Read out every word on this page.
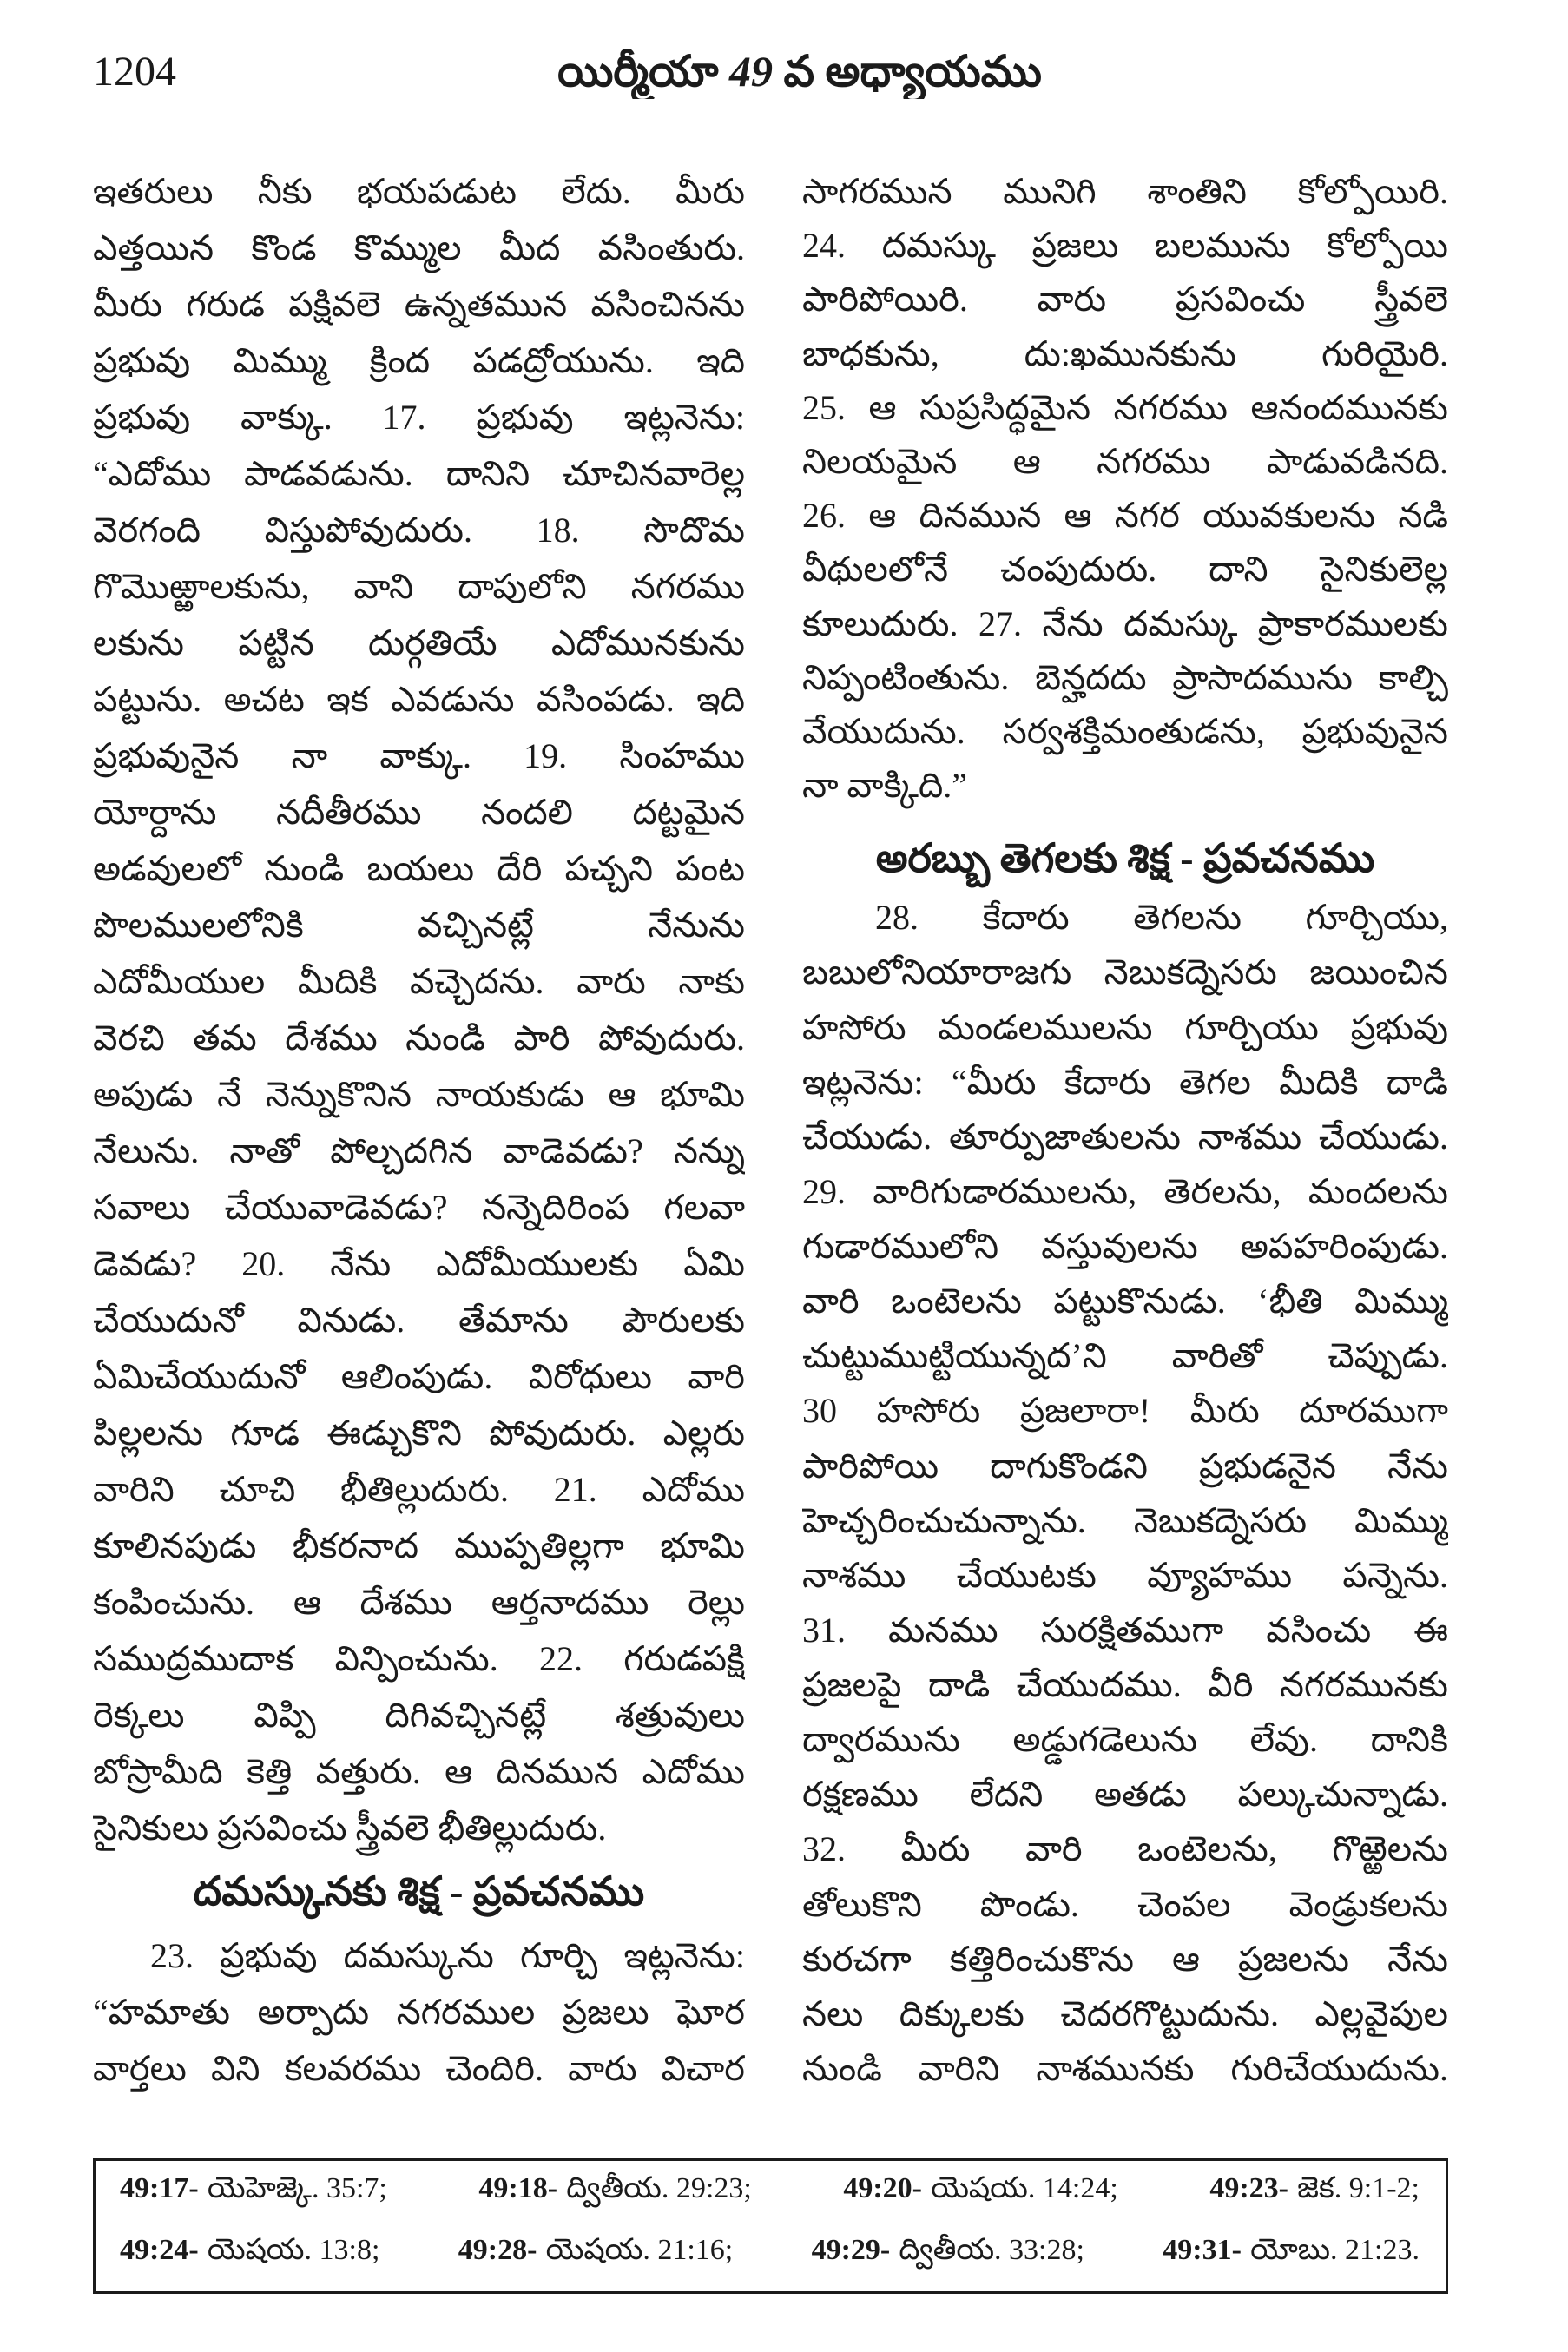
1204	యిర్మీయా 49 వ అధ్యాయము
ఇతరులు నీకు భయపడుట లేదు. మీరు
ఎత్తయిన కొండ కొమ్ముల మీద వసింతురు.
మీరు గరుడ పక్షివలె ఉన్నతమున వసించినను
ప్రభువు మిమ్ము క్రింద పడద్రోయును. ఇది
ప్రభువు వాక్కు. 17. ప్రభువు ఇట్లనెను:
“ఎదోము పాడవడును. దానిని చూచినవారెల్ల
వెరగంది విస్తుపోవుదురు. 18. సొదొమ
గొమొఱ్ఱాలకును, వాని దాపులోని నగరము
లకును పట్టిన దుర్గతియే ఎదోమునకును
పట్టును. అచట ఇక ఎవడును వసింపడు. ఇది
ప్రభువునైన నా వాక్కు. 19. సింహము
యోర్దాను నదీతీరము నందలి దట్టమైన
అడవులలో నుండి బయలు దేరి పచ్చని పంట
పొలములలోనికి వచ్చినట్లే నేనును
ఎదోమీయుల మీదికి వచ్చెదను. వారు నాకు
వెరచి తమ దేశము నుండి పారి పోవుదురు.
అపుడు నే నెన్నుకొనిన నాయకుడు ఆ భూమి
నేలును. నాతో పోల్చదగిన వాడెవడు? నన్ను
సవాలు చేయువాడెవడు? నన్నెదిరింప గలవా
డెవడు? 20. నేను ఎదోమీయులకు ఏమి
చేయుదునో వినుడు. తేమాను పౌరులకు
ఏమిచేయుదునో ఆలింపుడు. విరోధులు వారి
పిల్లలను గూడ ఈడ్చుకొని పోవుదురు. ఎల్లరు
వారిని చూచి భీతిల్లుదురు. 21. ఎదోము
కూలినపుడు భీకరనాద ముప్పతిల్లగా భూమి
కంపించును. ఆ దేశము ఆర్తనాదము రెల్లు
సముద్రముదాక విన్పించును. 22. గరుడపక్షి
రెక్కలు విప్పి దిగివచ్చినట్లే శత్రువులు
బోస్రామీది కెత్తి వత్తురు. ఆ దినమున ఎదోము
సైనికులు ప్రసవించు స్త్రీవలె భీతిల్లుదురు.
దమస్కునకు శిక్ష - ప్రవచనము
23. ప్రభువు దమస్కును గూర్చి ఇట్లనెను:
“హమాతు అర్పాదు నగరముల ప్రజలు ఘోర
వార్తలు విని కలవరము చెందిరి. వారు విచార
సాగరమున మునిగి శాంతిని కోల్పోయిరి.
24. దమస్కు ప్రజలు బలమును కోల్పోయి
పారిపోయిరి. వారు ప్రసవించు స్త్రీవలె
బాధకును, దు:ఖమునకును గురియైరి.
25. ఆ సుప్రసిద్ధమైన నగరము ఆనందమునకు
నిలయమైన ఆ నగరము పాడువడినది.
26. ఆ దినమున ఆ నగర యువకులను నడి
వీథులలోనే చంపుదురు. దాని సైనికులెల్ల
కూలుదురు. 27. నేను దమస్కు ప్రాకారములకు
నిప్పంటింతును. బెన్హదదు ప్రాసాదమును కాల్చి
వేయుదును. సర్వశక్తిమంతుడను, ప్రభువునైన
నా వాక్కిది.”
అరబ్బు తెగలకు శిక్ష - ప్రవచనము
28. కేదారు తెగలను గూర్చియు,
బబులోనియారాజగు నెబుకద్నెసరు జయించిన
హసోరు మండలములను గూర్చియు ప్రభువు
ఇట్లనెను: “మీరు కేదారు తెగల మీదికి దాడి
చేయుడు. తూర్పుజాతులను నాశము చేయుడు.
29. వారిగుడారములను, తెరలను, మందలను
గుడారములోని వస్తువులను అపహరింపుడు.
వారి ఒంటెలను పట్టుకొనుడు. ‘భీతి మిమ్ము
చుట్టుముట్టియున్నద’ని వారితో చెప్పుడు.
30 హసోరు ప్రజలారా! మీరు దూరముగా
పారిపోయి దాగుకొండని ప్రభుడనైన నేను
హెచ్చరించుచున్నాను. నెబుకద్నెసరు మిమ్ము
నాశము చేయుటకు వ్యూహము పన్నెను.
31. మనము సురక్షితముగా వసించు ఈ
ప్రజలపై దాడి చేయుదము. వీరి నగరమునకు
ద్వారమును అడ్డుగడెలును లేవు. దానికి
రక్షణము లేదని అతడు పల్కుచున్నాడు.
32. మీరు వారి ఒంటెలను, గొఱ్ఱెలను
తోలుకొని పొండు. చెంపల వెండ్రుకలను
కురచగా కత్తిరించుకొను ఆ ప్రజలను నేను
నలు దిక్కులకు చెదరగొట్టుదును. ఎల్లవైపుల
నుండి వారిని నాశమునకు గురిచేయుదును.
49:17- యెహెజ్కె. 35:7;	49:18- ద్వితీయ. 29:23;	49:20- యెషయ. 14:24;	49:23- జెక. 9:1-2;
49:24- యెషయ. 13:8;	49:28- యెషయ. 21:16;	49:29- ద్వితీయ. 33:28;	49:31- యోబు. 21:23.
